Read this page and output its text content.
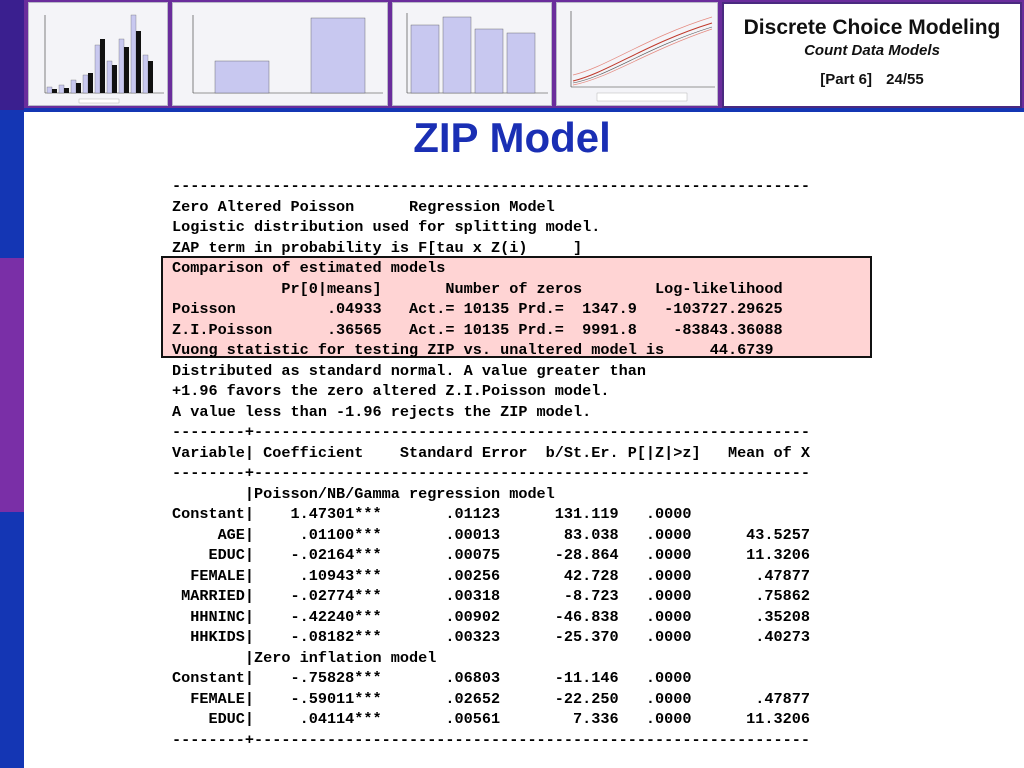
Discrete Choice Modeling
Count Data Models
[Part 6] 24/55
ZIP Model
----------------------------------------------------------------------
Zero Altered Poisson      Regression Model
Logistic distribution used for splitting model.
ZAP term in probability is F[tau x Z(i)     ]
Comparison of estimated models
Pr[0|means]       Number of zeros        Log-likelihood
Poisson          .04933   Act.= 10135 Prd.=  1347.9   -103727.29625
Z.I.Poisson      .36565   Act.= 10135 Prd.=  9991.8    -83843.36088
Vuong statistic for testing ZIP vs. unaltered model is     44.6739
Distributed as standard normal. A value greater than
+1.96 favors the zero altered Z.I.Poisson model.
A value less than -1.96 rejects the ZIP model.
--------+-------------------------------------------------------------
Variable| Coefficient    Standard Error  b/St.Er. P[|Z|>z]   Mean of X
--------+-------------------------------------------------------------
|Poisson/NB/Gamma regression model
Constant|    1.47301***       .01123      131.119   .0000
AGE|     .01100***       .00013       83.038   .0000      43.5257
EDUC|    -.02164***       .00075      -28.864   .0000      11.3206
FEMALE|     .10943***       .00256       42.728   .0000       .47877
MARRIED|    -.02774***       .00318       -8.723   .0000       .75862
HHNINC|    -.42240***       .00902      -46.838   .0000       .35208
HHKIDS|    -.08182***       .00323      -25.370   .0000       .40273
|Zero inflation model
Constant|    -.75828***       .06803      -11.146   .0000
FEMALE|    -.59011***       .02652      -22.250   .0000       .47877
EDUC|     .04114***       .00561        7.336   .0000      11.3206
--------+-------------------------------------------------------------
